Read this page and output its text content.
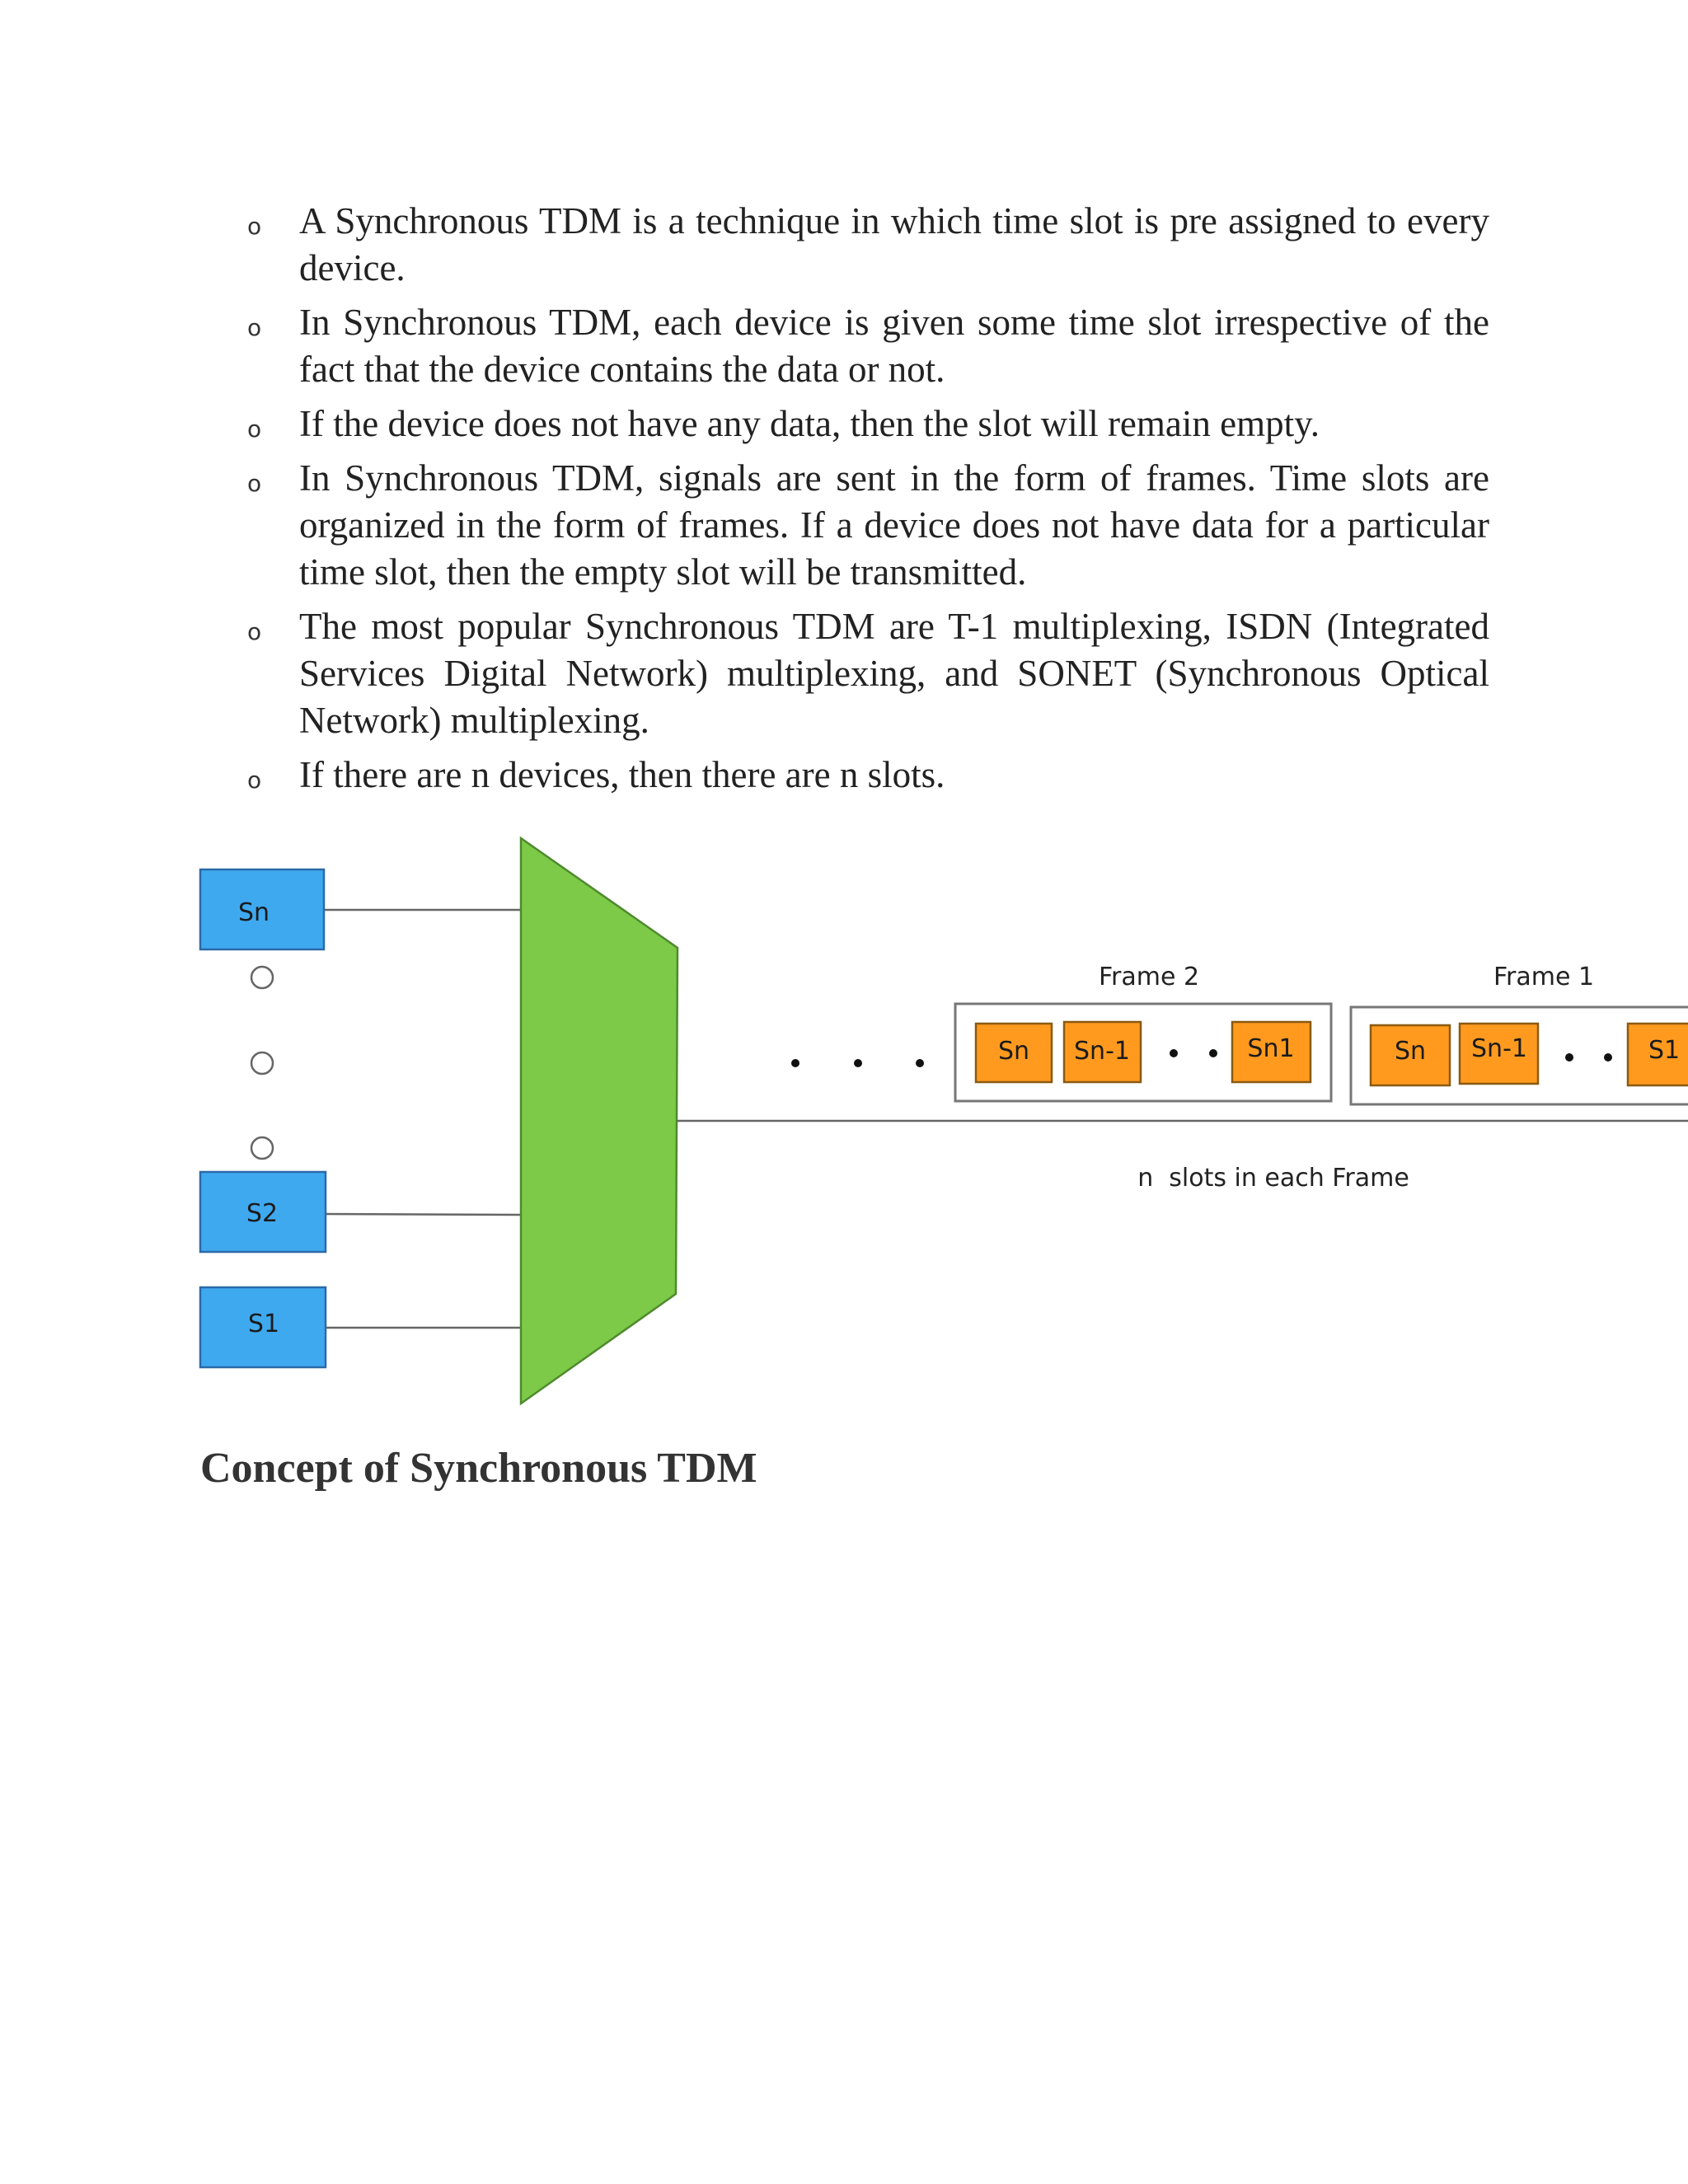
o A Synchronous TDM is a technique in which time slot is pre assigned to every device.
o In Synchronous TDM, each device is given some time slot irrespective of the fact that the device contains the data or not.
o If the device does not have any data, then the slot will remain empty.
o In Synchronous TDM, signals are sent in the form of frames. Time slots are organized in the form of frames. If a device does not have data for a particular time slot, then the empty slot will be transmitted.
o The most popular Synchronous TDM are T-1 multiplexing, ISDN (Integrated Services Digital Network) multiplexing, and SONET (Synchronous Optical Network) multiplexing.
o If there are n devices, then there are n slots.
Sn
S2
S1
Frame 2
Sn Sn-1	Sn1
Frame 1
Sn Sn-1	S1
n  slots in each Frame
Concept of Synchronous TDM
